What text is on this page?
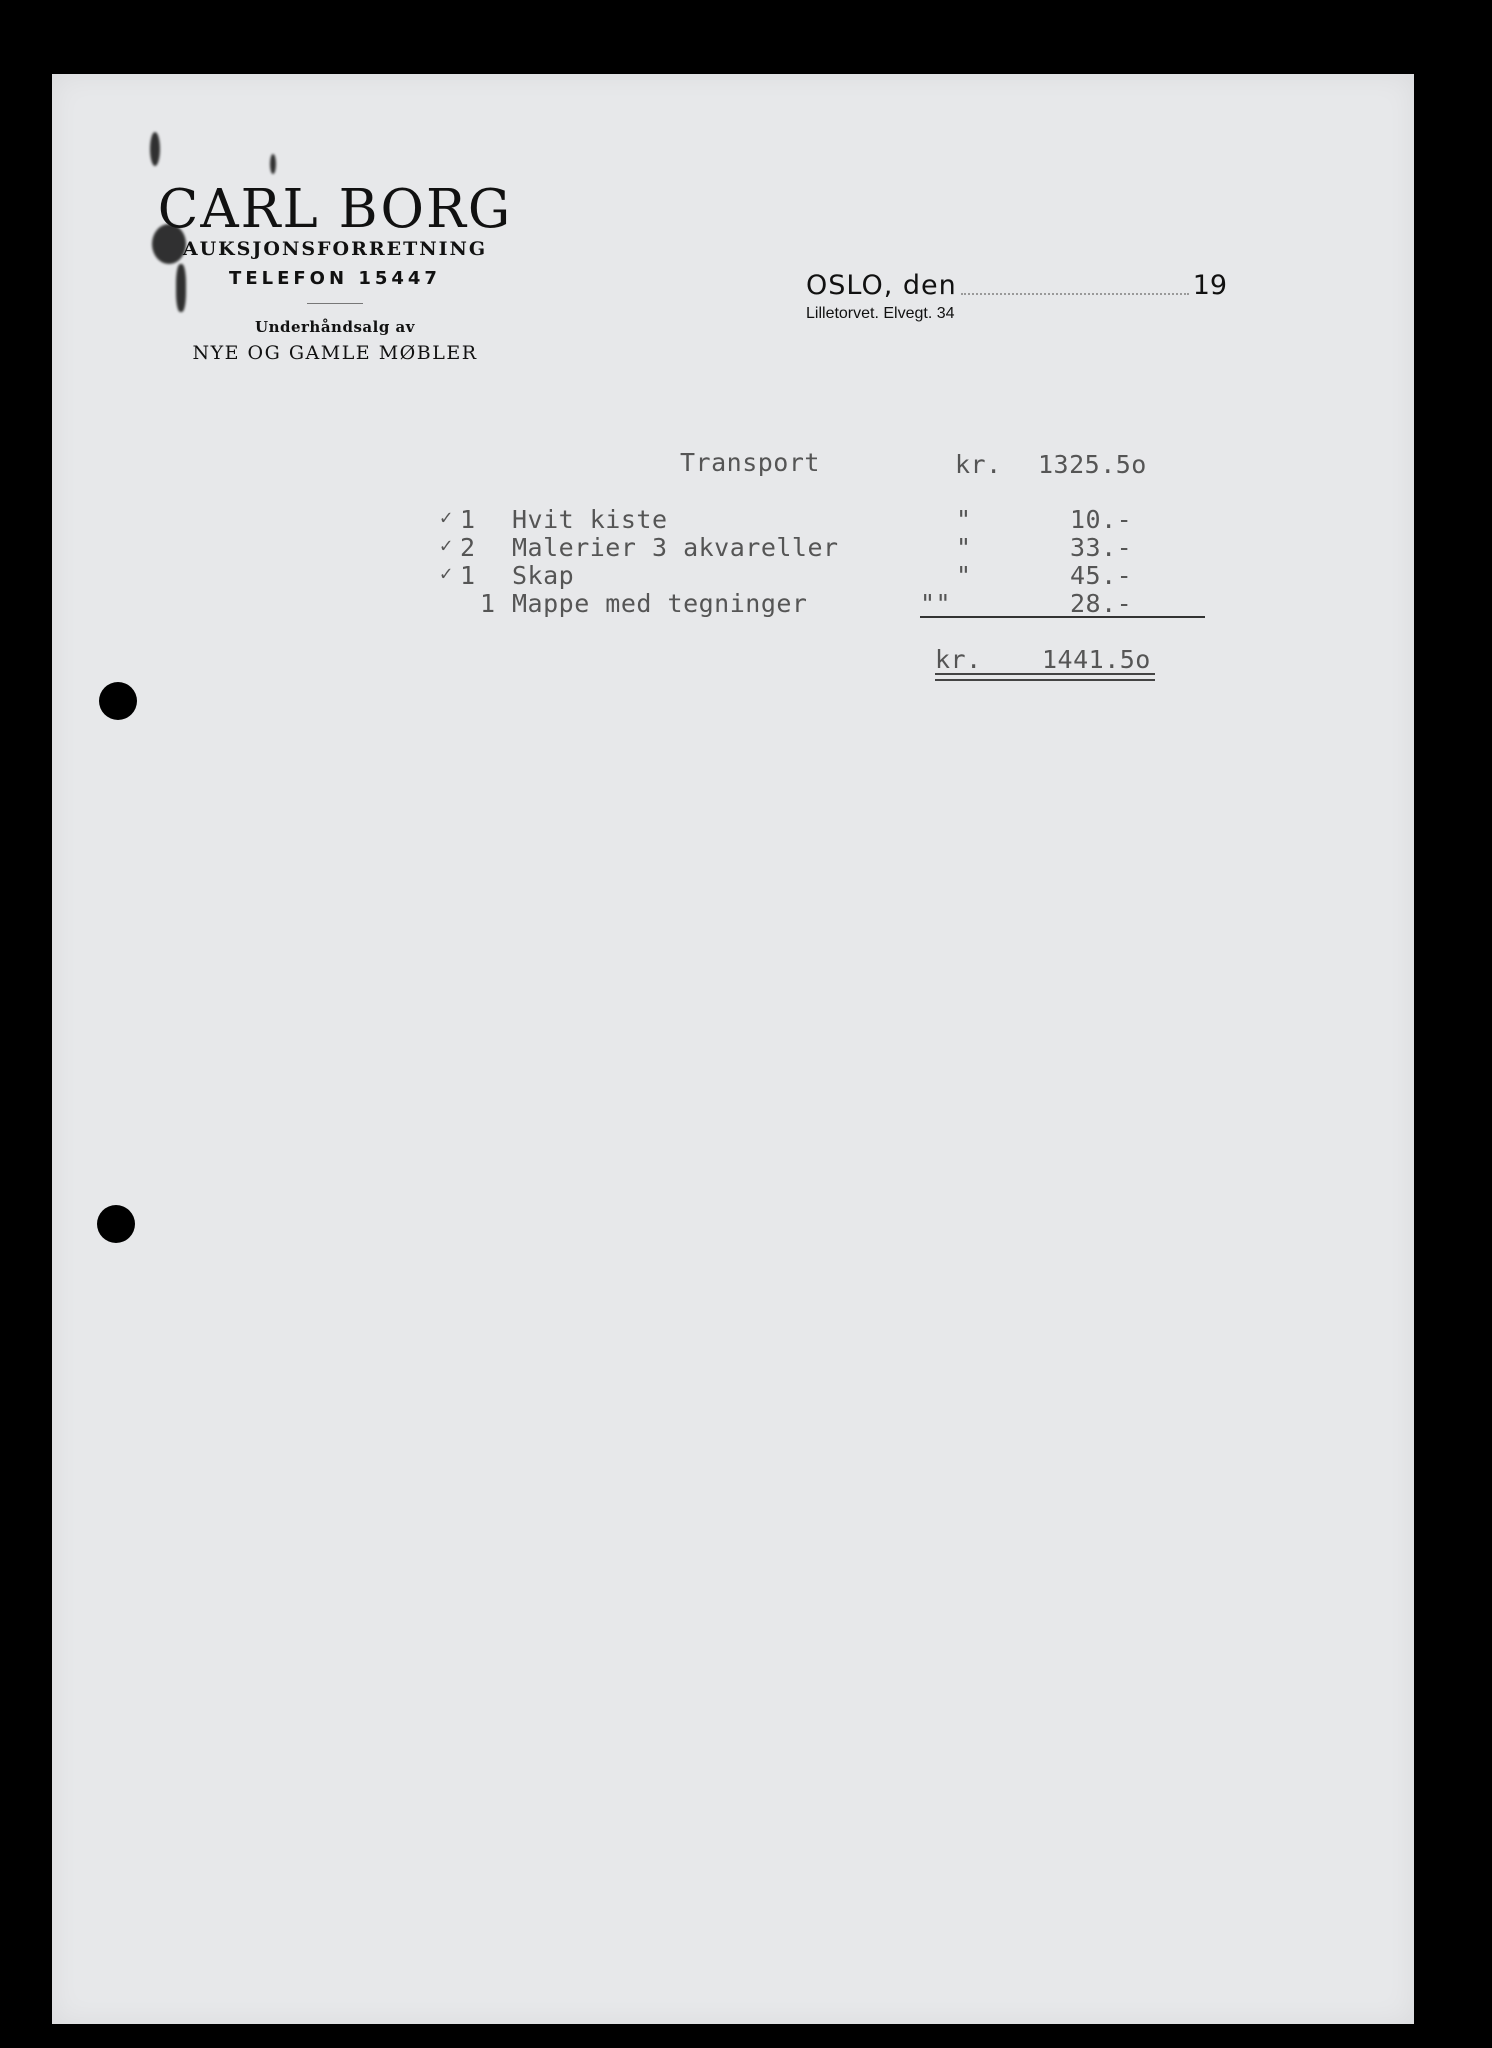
CARL BORG
AUKSJONSFORRETNING
TELEFON 15447
Underhåndsalg av
NYE OG GAMLE MØBLER
OSLO, den	19
Lilletorvet. Elvegt. 34
Transport	kr. 1325.5o
✓ 1 Hvit kiste	"	10.-
✓ 2 Malerier 3 akvareller	"	33.-
✓ 1 Skap	"	45.-
1 Mappe med tegninger	""	28.-
kr. 1441.5o
